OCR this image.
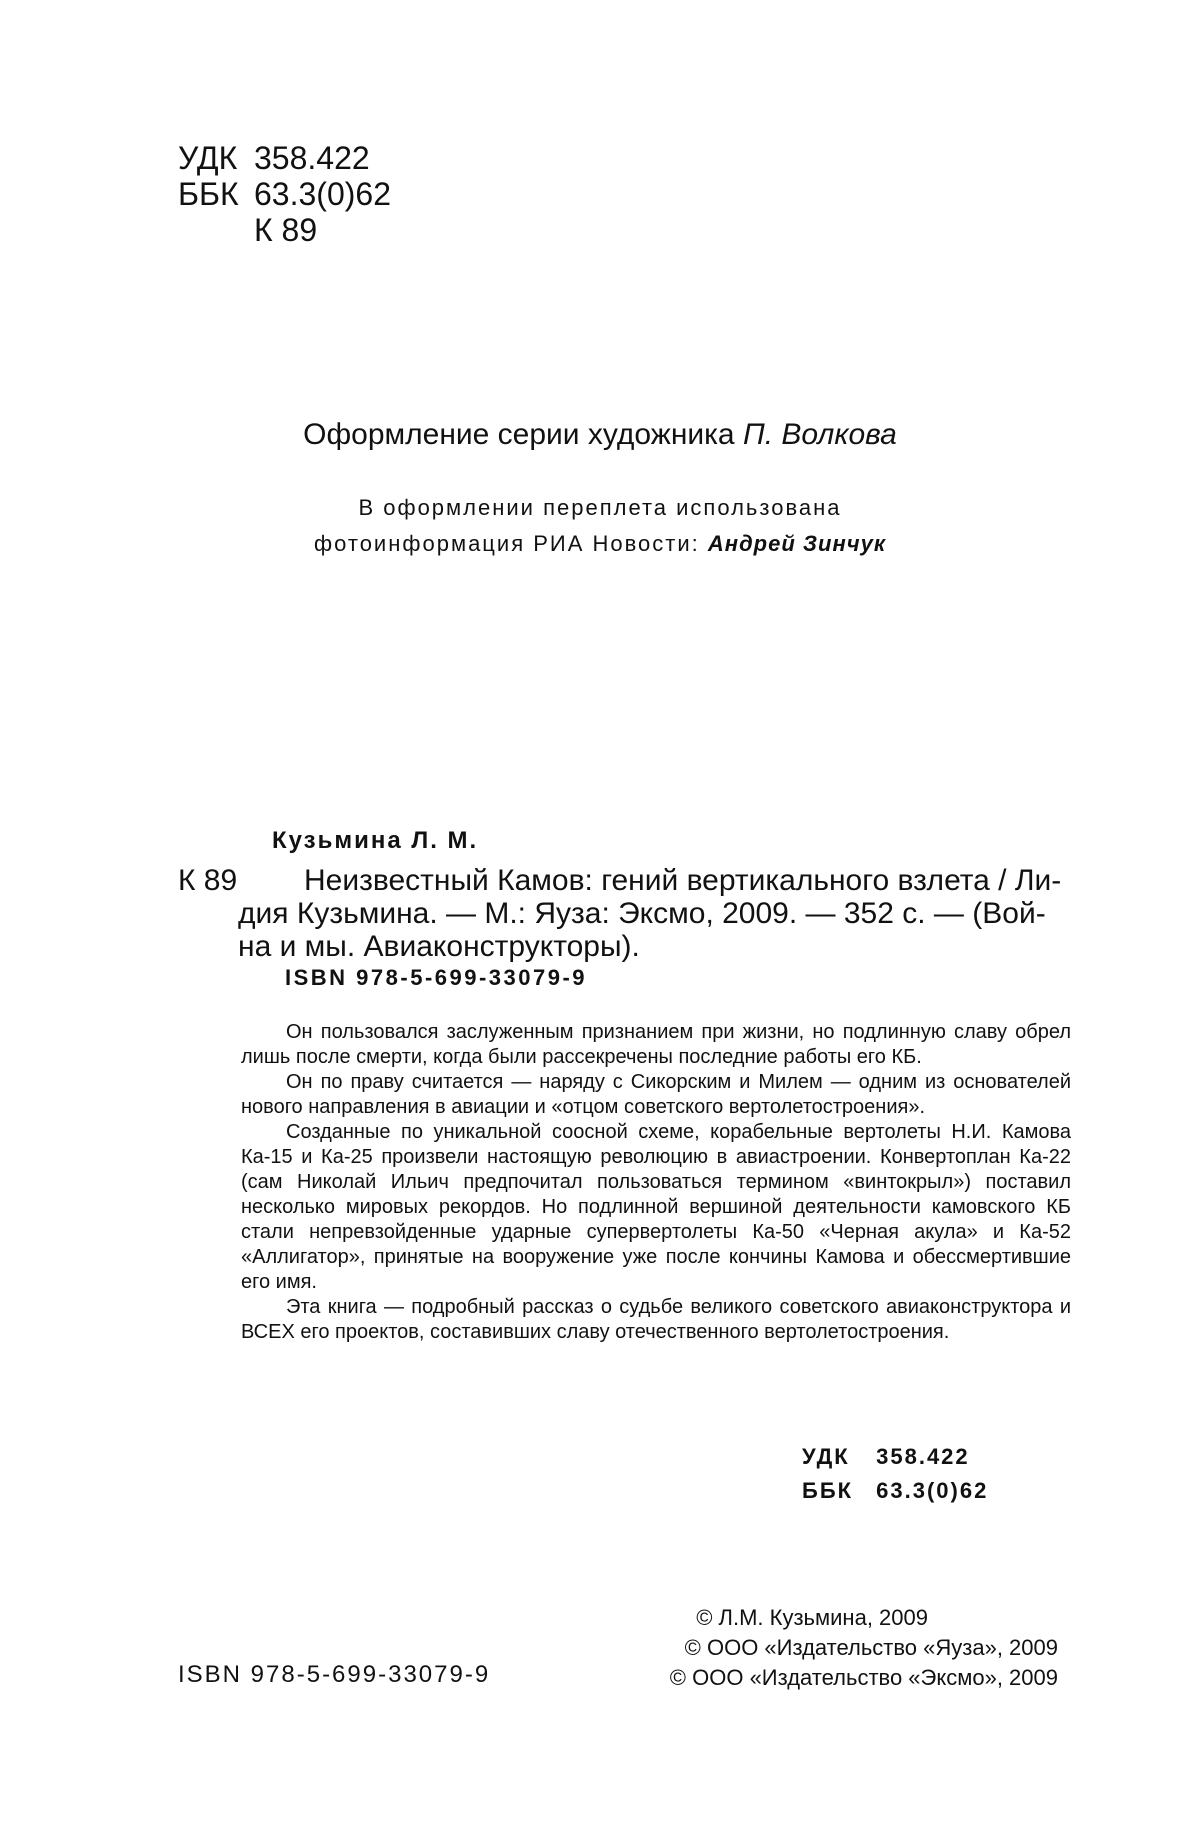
УДК 358.422
ББК 63.3(0)62
К 89
Оформление серии художника П. Волкова
В оформлении переплета использована
фотоинформация РИА Новости: Андрей Зинчук
Кузьмина Л. М.
К 89 Неизвестный Камов: гений вертикального взлета / Ли-
дия Кузьмина. — М.: Яуза: Эксмо, 2009. — 352 с. — (Вой-
на и мы. Авиаконструкторы).
ISBN 978-5-699-33079-9

Он пользовался заслуженным признанием при жизни, но подлинную славу обрел лишь после смерти, когда были рассекречены последние работы его КБ.

Он по праву считается — наряду с Сикорским и Милем — одним из основателей нового направления в авиации и «отцом советского вертолетостроения».

Созданные по уникальной соосной схеме, корабельные вертолеты Н.И. Камова Ка-15 и Ка-25 произвели настоящую революцию в авиастроении. Конвертоплан Ка-22 (сам Николай Ильич предпочитал пользоваться термином «винтокрыл») поставил несколько мировых рекордов. Но подлинной вершиной деятельности камовского КБ стали непревзойденные ударные супервертолеты Ка-50 «Черная акула» и Ка-52 «Аллигатор», принятые на вооружение уже после кончины Камова и обессмертившие его имя.

Эта книга — подробный рассказ о судьбе великого советского авиаконструктора и ВСЕХ его проектов, составивших славу отечественного вертолетостроения.

УДК 358.422
ББК 63.3(0)62
© Л.М. Кузьмина, 2009
© ООО «Издательство «Яуза», 2009
© ООО «Издательство «Эксмо», 2009
ISBN 978-5-699-33079-9
